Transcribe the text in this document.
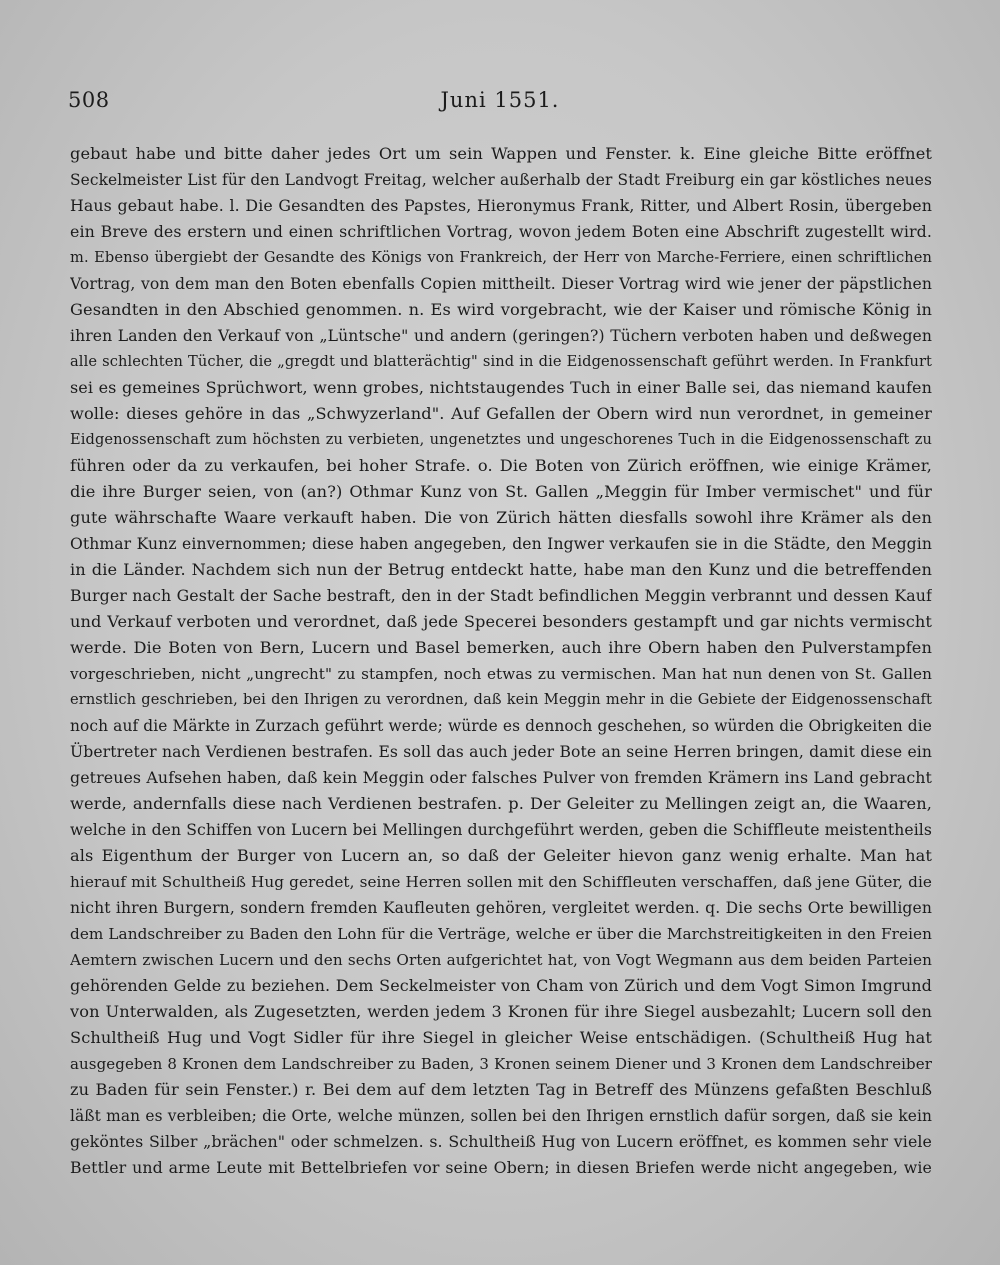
508	Juni 1551.
gebaut habe und bitte daher jedes Ort um sein Wappen und Fenster. k. Eine gleiche Bitte eröffnet
Seckelmeister List für den Landvogt Freitag, welcher außerhalb der Stadt Freiburg ein gar köstliches neues
Haus gebaut habe. l. Die Gesandten des Papstes, Hieronymus Frank, Ritter, und Albert Rosin, übergeben
ein Breve des erstern und einen schriftlichen Vortrag, wovon jedem Boten eine Abschrift zugestellt wird.
m. Ebenso übergiebt der Gesandte des Königs von Frankreich, der Herr von Marche-Ferriere, einen schriftlichen
Vortrag, von dem man den Boten ebenfalls Copien mittheilt. Dieser Vortrag wird wie jener der päpstlichen
Gesandten in den Abschied genommen. n. Es wird vorgebracht, wie der Kaiser und römische König in
ihren Landen den Verkauf von „Lüntsche" und andern (geringen?) Tüchern verboten haben und deßwegen
alle schlechten Tücher, die „gregdt und blatterächtig" sind in die Eidgenossenschaft geführt werden. In Frankfurt
sei es gemeines Sprüchwort, wenn grobes, nichtstaugendes Tuch in einer Balle sei, das niemand kaufen
wolle: dieses gehöre in das „Schwyzerland". Auf Gefallen der Obern wird nun verordnet, in gemeiner
Eidgenossenschaft zum höchsten zu verbieten, ungenetztes und ungeschorenes Tuch in die Eidgenossenschaft zu
führen oder da zu verkaufen, bei hoher Strafe. o. Die Boten von Zürich eröffnen, wie einige Krämer,
die ihre Burger seien, von (an?) Othmar Kunz von St. Gallen „Meggin für Imber vermischet" und für
gute währschafte Waare verkauft haben. Die von Zürich hätten diesfalls sowohl ihre Krämer als den
Othmar Kunz einvernommen; diese haben angegeben, den Ingwer verkaufen sie in die Städte, den Meggin
in die Länder. Nachdem sich nun der Betrug entdeckt hatte, habe man den Kunz und die betreffenden
Burger nach Gestalt der Sache bestraft, den in der Stadt befindlichen Meggin verbrannt und dessen Kauf
und Verkauf verboten und verordnet, daß jede Specerei besonders gestampft und gar nichts vermischt
werde. Die Boten von Bern, Lucern und Basel bemerken, auch ihre Obern haben den Pulverstampfen
vorgeschrieben, nicht „ungrecht" zu stampfen, noch etwas zu vermischen. Man hat nun denen von St. Gallen
ernstlich geschrieben, bei den Ihrigen zu verordnen, daß kein Meggin mehr in die Gebiete der Eidgenossenschaft
noch auf die Märkte in Zurzach geführt werde; würde es dennoch geschehen, so würden die Obrigkeiten die
Übertreter nach Verdienen bestrafen. Es soll das auch jeder Bote an seine Herren bringen, damit diese ein
getreues Aufsehen haben, daß kein Meggin oder falsches Pulver von fremden Krämern ins Land gebracht
werde, andernfalls diese nach Verdienen bestrafen. p. Der Geleiter zu Mellingen zeigt an, die Waaren,
welche in den Schiffen von Lucern bei Mellingen durchgeführt werden, geben die Schiffleute meistentheils
als Eigenthum der Burger von Lucern an, so daß der Geleiter hievon ganz wenig erhalte. Man hat
hierauf mit Schultheiß Hug geredet, seine Herren sollen mit den Schiffleuten verschaffen, daß jene Güter, die
nicht ihren Burgern, sondern fremden Kaufleuten gehören, vergleitet werden. q. Die sechs Orte bewilligen
dem Landschreiber zu Baden den Lohn für die Verträge, welche er über die Marchstreitigkeiten in den Freien
Aemtern zwischen Lucern und den sechs Orten aufgerichtet hat, von Vogt Wegmann aus dem beiden Parteien
gehörenden Gelde zu beziehen. Dem Seckelmeister von Cham von Zürich und dem Vogt Simon Imgrund
von Unterwalden, als Zugesetzten, werden jedem 3 Kronen für ihre Siegel ausbezahlt; Lucern soll den
Schultheiß Hug und Vogt Sidler für ihre Siegel in gleicher Weise entschädigen. (Schultheiß Hug hat
ausgegeben 8 Kronen dem Landschreiber zu Baden, 3 Kronen seinem Diener und 3 Kronen dem Landschreiber
zu Baden für sein Fenster.) r. Bei dem auf dem letzten Tag in Betreff des Münzens gefaßten Beschluß
läßt man es verbleiben; die Orte, welche münzen, sollen bei den Ihrigen ernstlich dafür sorgen, daß sie kein
geköntes Silber „brächen" oder schmelzen. s. Schultheiß Hug von Lucern eröffnet, es kommen sehr viele
Bettler und arme Leute mit Bettelbriefen vor seine Obern; in diesen Briefen werde nicht angegeben, wie
